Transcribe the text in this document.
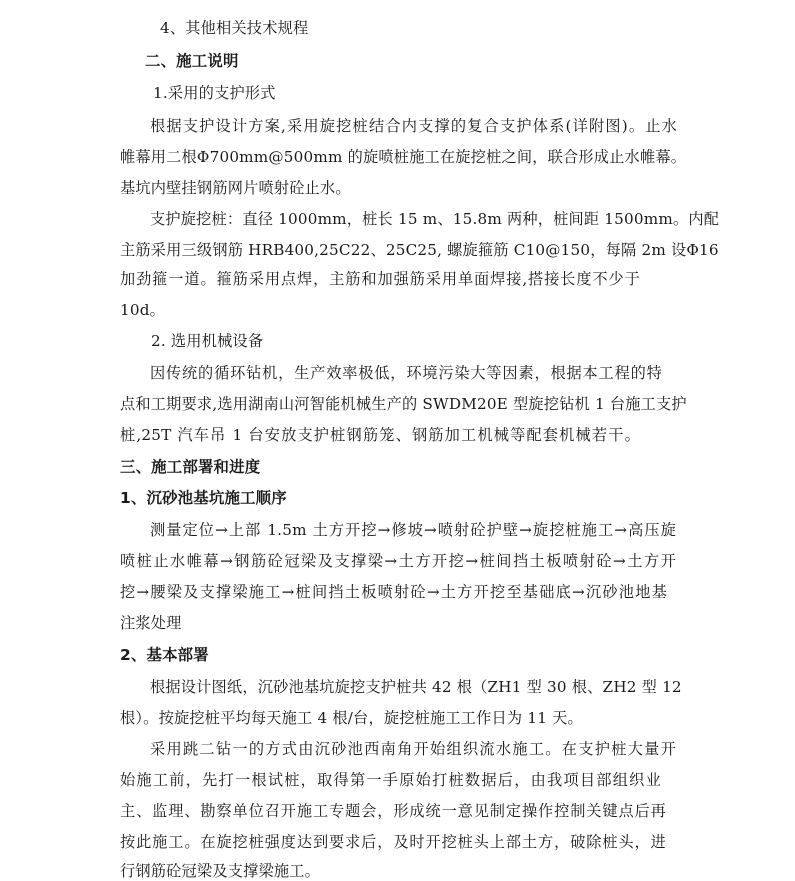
4、其他相关技术规程
二、施工说明
1.采用的支护形式
根据支护设计方案,采用旋挖桩结合内支撑的复合支护体系(详附图)。止水
帷幕用二根Φ700mm@500mm 的旋喷桩施工在旋挖桩之间，联合形成止水帷幕。
基坑内壁挂钢筋网片喷射砼止水。
支护旋挖桩：直径 1000mm，桩长 15 m、15.8m 两种，桩间距 1500mm。内配
主筋采用三级钢筋 HRB400,25C22、25C25, 螺旋箍筋 C10@150，每隔 2m 设Φ16
加劲箍一道。箍筋采用点焊，主筋和加强筋采用单面焊接,搭接长度不少于
10d。
2. 选用机械设备
因传统的循环钻机，生产效率极低，环境污染大等因素，根据本工程的特
点和工期要求,选用湖南山河智能机械生产的 SWDM20E 型旋挖钻机 1 台施工支护
桩,25T 汽车吊 1 台安放支护桩钢筋笼、钢筋加工机械等配套机械若干。
三、施工部署和进度
1、沉砂池基坑施工顺序
测量定位→上部 1.5m 土方开挖→修坡→喷射砼护壁→旋挖桩施工→高压旋
喷桩止水帷幕→钢筋砼冠梁及支撑梁→土方开挖→桩间挡土板喷射砼→土方开
挖→腰梁及支撑梁施工→桩间挡土板喷射砼→土方开挖至基础底→沉砂池地基
注浆处理
2、基本部署
根据设计图纸，沉砂池基坑旋挖支护桩共 42 根（ZH1 型 30 根、ZH2 型 12
根）。按旋挖桩平均每天施工 4 根/台，旋挖桩施工工作日为 11 天。
采用跳二钻一的方式由沉砂池西南角开始组织流水施工。在支护桩大量开
始施工前，先打一根试桩，取得第一手原始打桩数据后，由我项目部组织业
主、监理、勘察单位召开施工专题会，形成统一意见制定操作控制关键点后再
按此施工。在旋挖桩强度达到要求后，及时开挖桩头上部土方，破除桩头，进
行钢筋砼冠梁及支撑梁施工。
